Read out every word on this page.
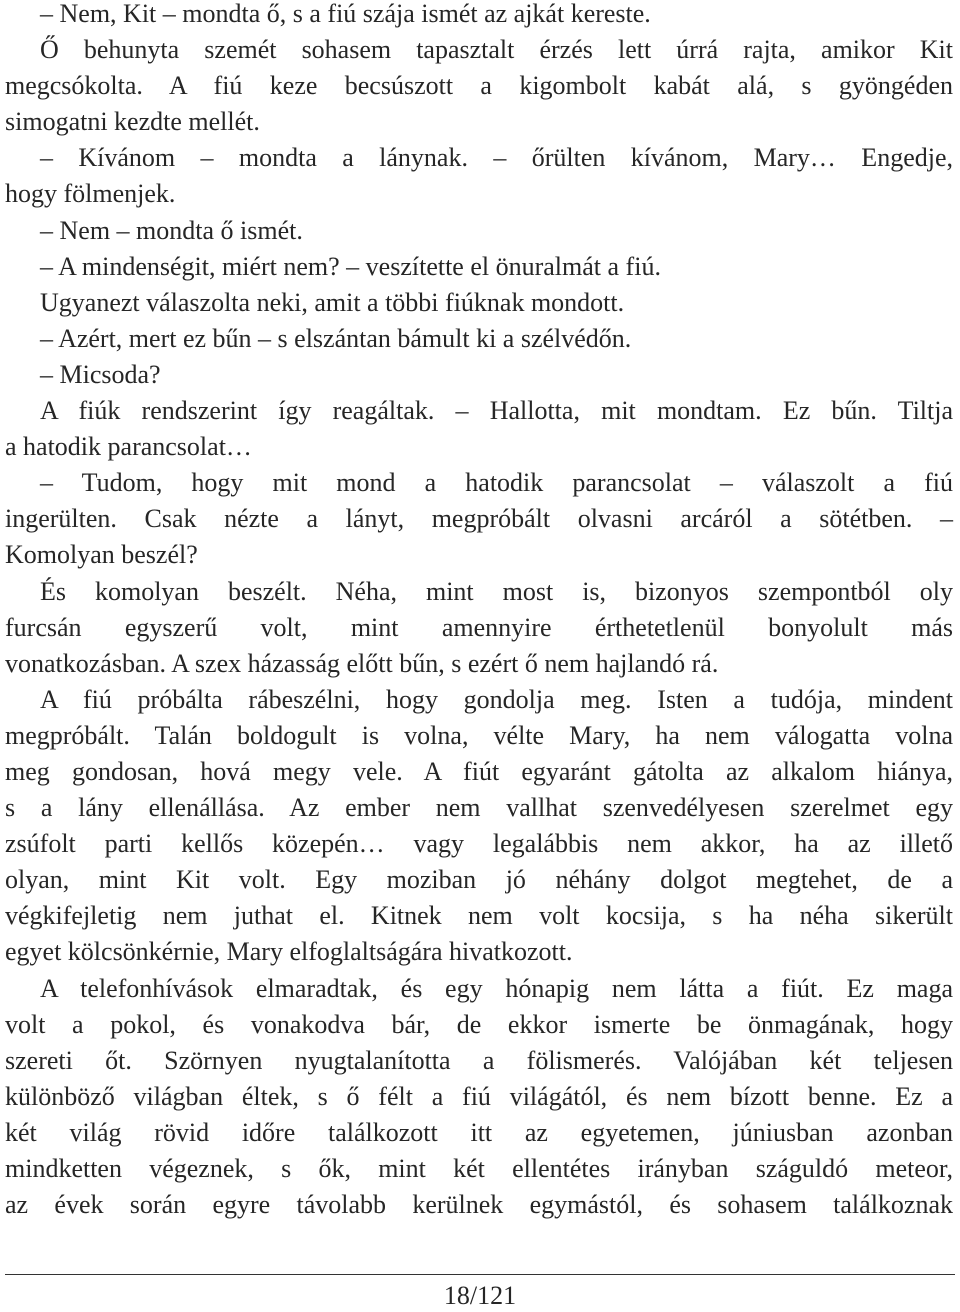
– Nem, Kit – mondta ő, s a fiú szája ismét az ajkát kereste.
Ő behunyta szemét sohasem tapasztalt érzés lett úrrá rajta, amikor Kit
megcsókolta. A fiú keze becsúszott a kigombolt kabát alá, s gyöngéden
simogatni kezdte mellét.
– Kívánom – mondta a lánynak. – őrülten kívánom, Mary… Engedje,
hogy fölmenjek.
– Nem – mondta ő ismét.
– A mindenségit, miért nem? – veszítette el önuralmát a fiú.
Ugyanezt válaszolta neki, amit a többi fiúknak mondott.
– Azért, mert ez bűn – s elszántan bámult ki a szélvédőn.
– Micsoda?
A fiúk rendszerint így reagáltak. – Hallotta, mit mondtam. Ez bűn. Tiltja
a hatodik parancsolat…
– Tudom, hogy mit mond a hatodik parancsolat – válaszolt a fiú
ingerülten. Csak nézte a lányt, megpróbált olvasni arcáról a sötétben. –
Komolyan beszél?
És komolyan beszélt. Néha, mint most is, bizonyos szempontból oly
furcsán egyszerű volt, mint amennyire érthetetlenül bonyolult más
vonatkozásban. A szex házasság előtt bűn, s ezért ő nem hajlandó rá.
A fiú próbálta rábeszélni, hogy gondolja meg. Isten a tudója, mindent
megpróbált. Talán boldogult is volna, vélte Mary, ha nem válogatta volna
meg gondosan, hová megy vele. A fiút egyaránt gátolta az alkalom hiánya,
s a lány ellenállása. Az ember nem vallhat szenvedélyesen szerelmet egy
zsúfolt parti kellős közepén… vagy legalábbis nem akkor, ha az illető
olyan, mint Kit volt. Egy moziban jó néhány dolgot megtehet, de a
végkifejletig nem juthat el. Kitnek nem volt kocsija, s ha néha sikerült
egyet kölcsönkérnie, Mary elfoglaltságára hivatkozott.
A telefonhívások elmaradtak, és egy hónapig nem látta a fiút. Ez maga
volt a pokol, és vonakodva bár, de ekkor ismerte be önmagának, hogy
szereti őt. Szörnyen nyugtalanította a fölismerés. Valójában két teljesen
különböző világban éltek, s ő félt a fiú világától, és nem bízott benne. Ez a
két világ rövid időre találkozott itt az egyetemen, júniusban azonban
mindketten végeznek, s ők, mint két ellentétes irányban száguldó meteor,
az évek során egyre távolabb kerülnek egymástól, és sohasem találkoznak
18/121
